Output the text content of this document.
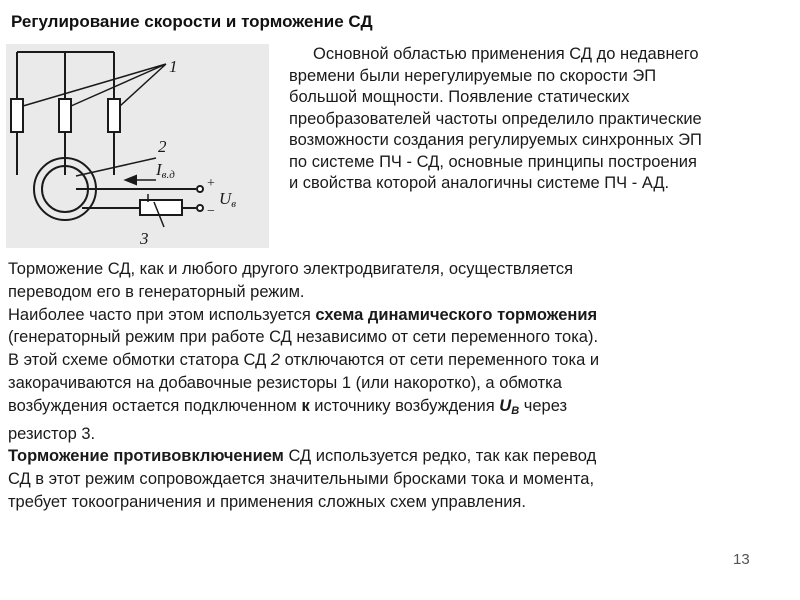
Регулирование скорости и торможение СД
1
2
3
Iв.д
+
−
Uв
Основной областью применения СД до недавнего
времени были нерегулируемые по скорости ЭП
большой мощности. Появление статических
преобразователей частоты определило практические
возможности создания регулируемых синхронных ЭП
по системе ПЧ - СД, основные принципы построения
и свойства которой аналогичны системе ПЧ - АД.
Торможение СД, как и любого другого электродвигателя, осуществляется
переводом его в генераторный режим.
Наиболее часто при этом используется схема динамического торможения
(генераторный режим при работе СД независимо от сети переменного тока).
В этой схеме обмотки статора СД 2 отключаются от сети переменного тока и
закорачиваются на добавочные резисторы 1 (или накоротко), а обмотка
возбуждения остается подключенном к источнику возбуждения $U_В$ через
резистор 3.
Торможение противовключением СД используется редко, так как перевод
СД в этот режим сопровождается значительными бросками тока и момента,
требует токоограничения и применения сложных схем управления.
13
